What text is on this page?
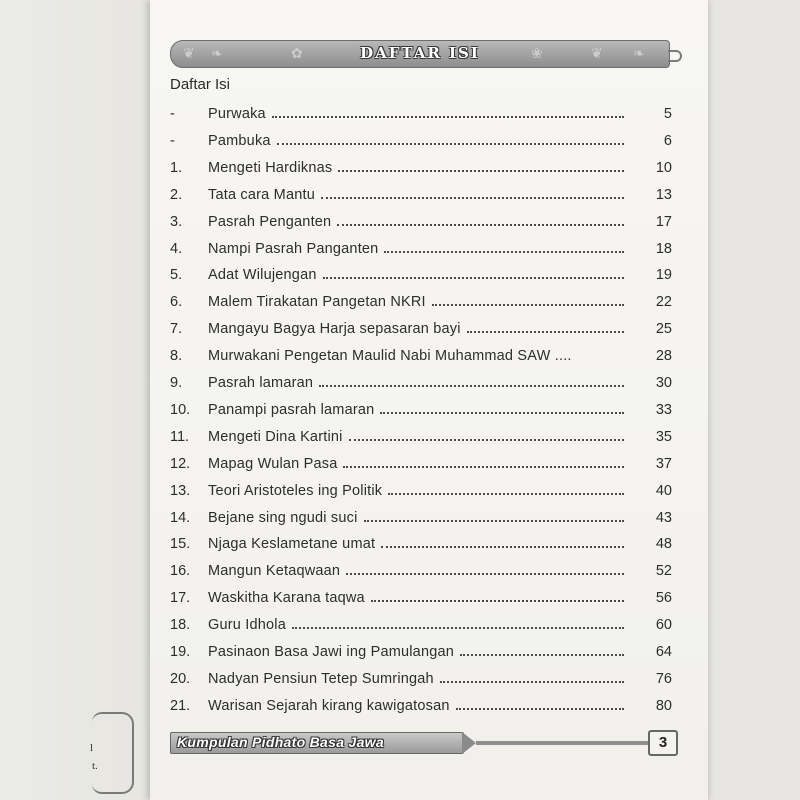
l
t.
❦ ❧	✿	❀	❦ ❧
DAFTAR ISI
Daftar Isi
-	Purwaka	5
-	Pambuka	6
1.	Mengeti Hardiknas	10
2.	Tata cara Mantu	13
3.	Pasrah Penganten	17
4.	Nampi Pasrah Panganten	18
5.	Adat Wilujengan	19
6.	Malem Tirakatan Pangetan NKRI	22
7.	Mangayu Bagya Harja sepasaran bayi	25
8.	Murwakani Pengetan Maulid Nabi Muhammad SAW ....	28
9.	Pasrah lamaran	30
10.	Panampi pasrah lamaran	33
11.	Mengeti Dina Kartini	35
12.	Mapag Wulan Pasa	37
13.	Teori Aristoteles ing Politik	40
14.	Bejane sing ngudi suci	43
15.	Njaga Keslametane umat	48
16.	Mangun Ketaqwaan	52
17.	Waskitha Karana taqwa	56
18.	Guru Idhola	60
19.	Pasinaon Basa Jawi ing Pamulangan	64
20.	Nadyan Pensiun Tetep Sumringah	76
21.	Warisan Sejarah kirang kawigatosan	80
Kumpulan Pidhato Basa Jawa	3
